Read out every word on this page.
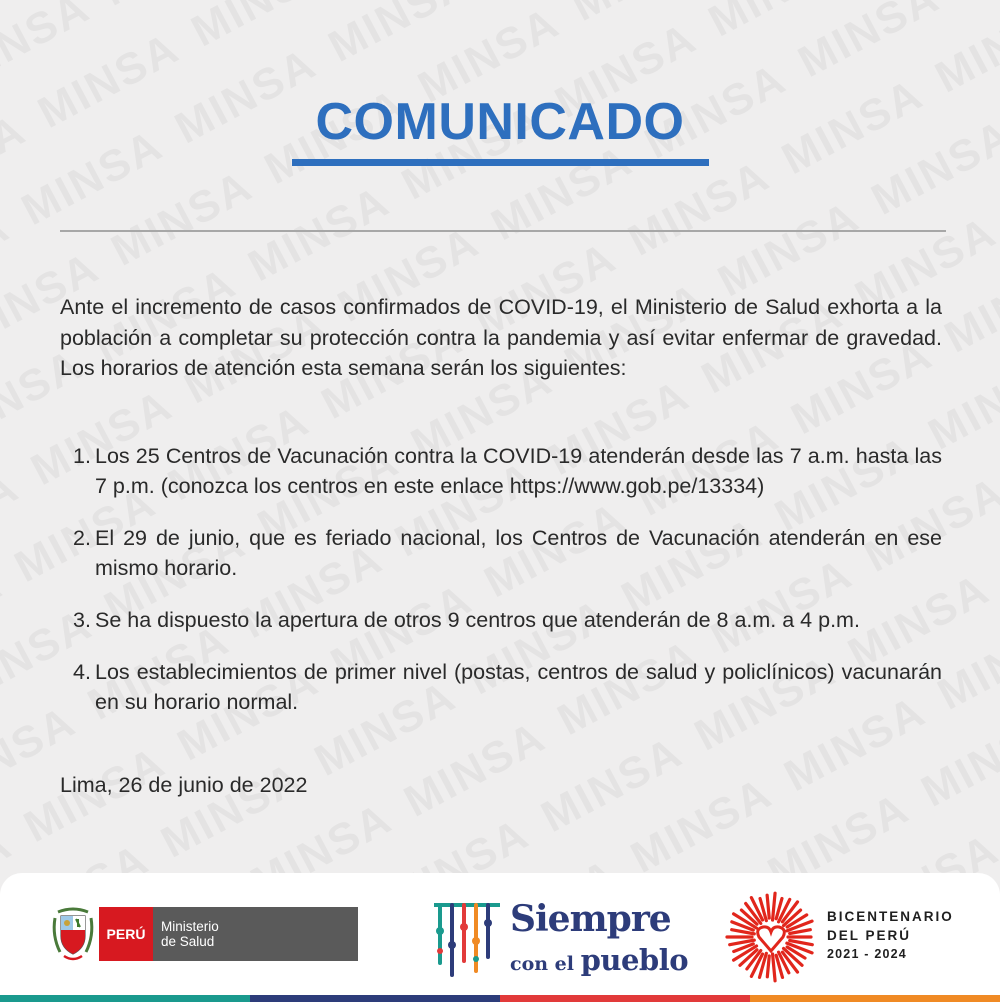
COMUNICADO
Ante el incremento de casos confirmados de COVID-19, el Ministerio de Salud exhorta a la población a completar su protección contra la pandemia y así evitar enfermar de gravedad. Los horarios de atención esta semana serán los siguientes:
1. Los 25 Centros de Vacunación contra la COVID-19 atenderán desde las 7 a.m. hasta las 7 p.m. (conozca los centros en este enlace https://www.gob.pe/13334)
2. El 29 de junio, que es feriado nacional, los Centros de Vacunación atenderán en ese mismo horario.
3. Se ha dispuesto la apertura de otros 9 centros que atenderán de 8 a.m. a 4 p.m.
4. Los establecimientos de primer nivel (postas, centros de salud y policlínicos) vacunarán en su horario normal.
Lima, 26 de junio de 2022
PERÚ	Ministerio
de Salud
Siempre
con el pueblo
BICENTENARIO
DEL PERÚ
2021 - 2024
